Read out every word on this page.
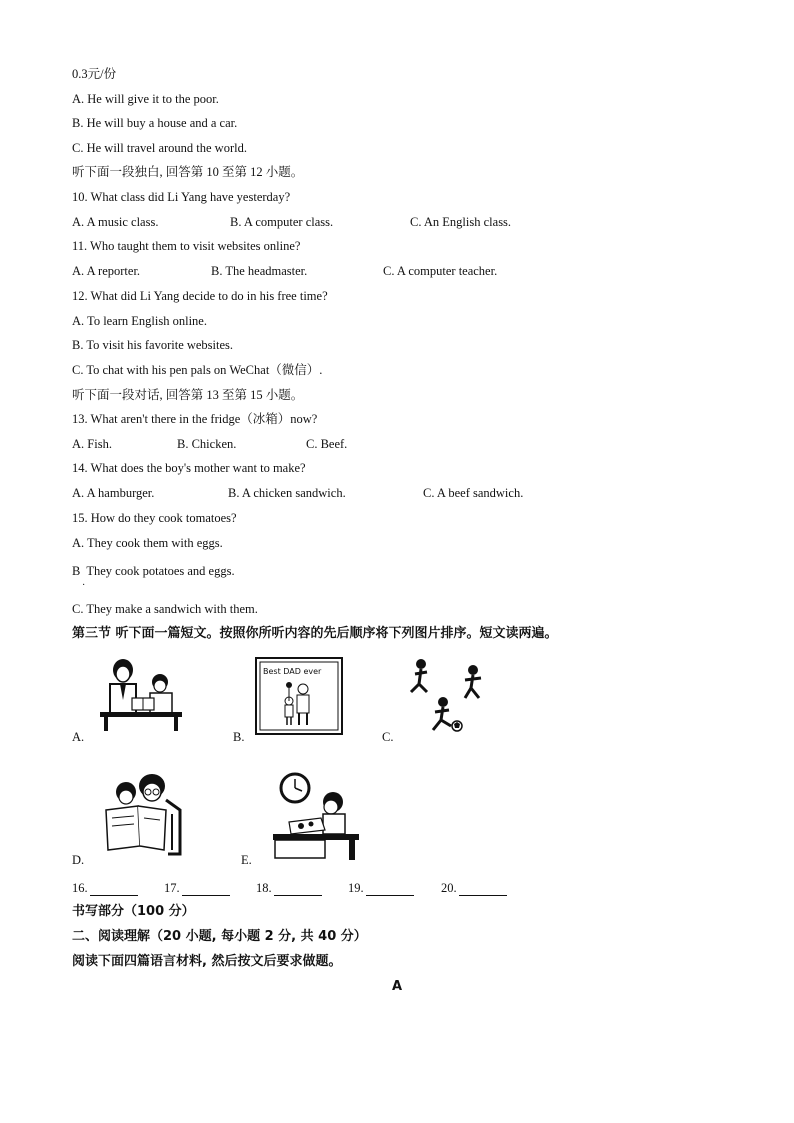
0.3元/份
A. He will give it to the poor.
B. He will buy a house and a car.
C. He will travel around the world.
听下面一段独白, 回答第 10 至第 12 小题。
10. What class did Li Yang have yesterday?
A. A music class.	B. A computer class.	C. An English class.
11. Who taught them to visit websites online?
A. A reporter.	B. The headmaster.	C. A computer teacher.
12. What did Li Yang decide to do in his free time?
A. To learn English online.
B. To visit his favorite websites.
C. To chat with his pen pals on WeChat（微信）.
听下面一段对话, 回答第 13 至第 15 小题。
13. What aren't there in the fridge（冰箱）now?
A. Fish.	B. Chicken.	C. Beef.
14. What does the boy's mother want to make?
A. A hamburger.	B. A chicken sandwich.	C. A beef sandwich.
15. How do they cook tomatoes?
A. They cook them with eggs.
B  They cook potatoes and eggs.
·
C. They make a sandwich with them.
第三节 听下面一篇短文。按照你所听内容的先后顺序将下列图片排序。短文读两遍。
A.
Best DAD ever
B.	C.
D.	E.
16.	17.	18.	19.	20.
书写部分（100 分）
二、阅读理解（20 小题, 每小题 2 分, 共 40 分）
阅读下面四篇语言材料, 然后按文后要求做题。
A
